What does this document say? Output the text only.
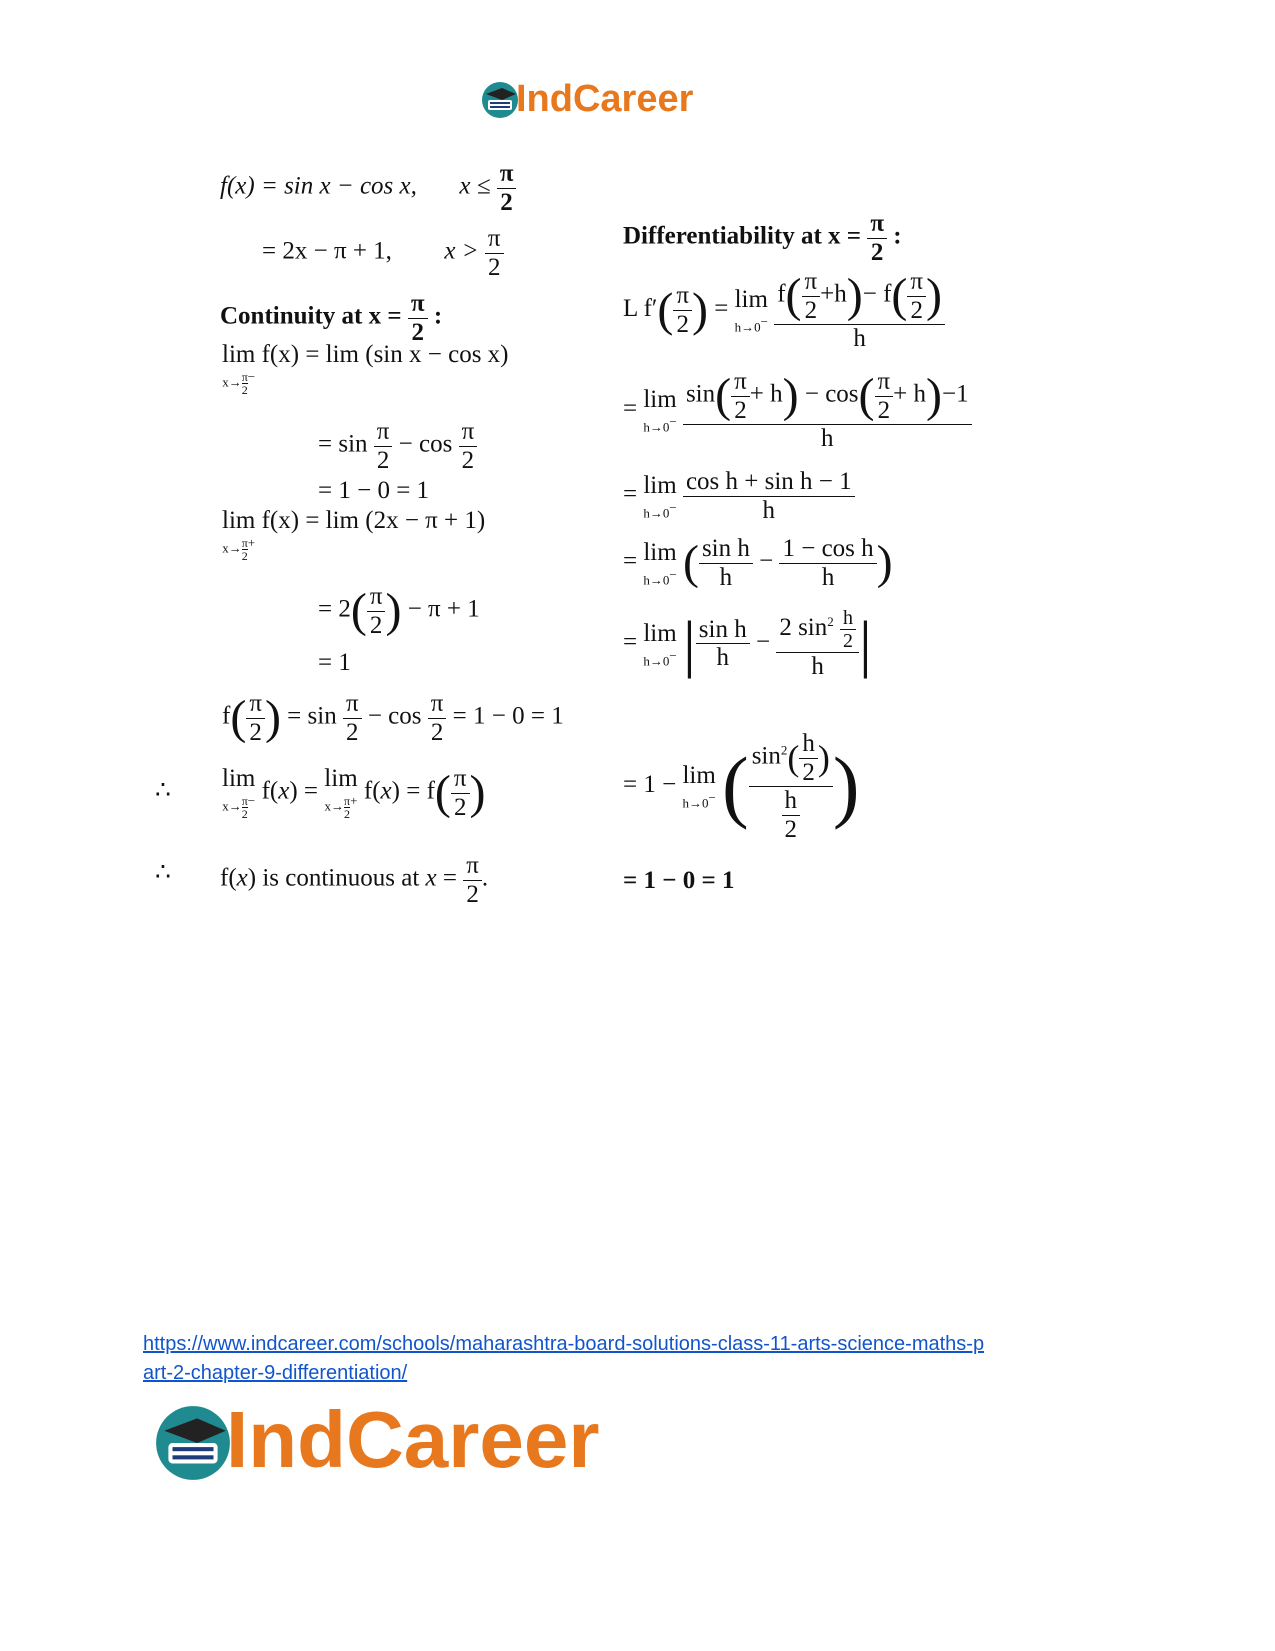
IndCareer
f(x) = sin x − cos x, $x \le \frac{\pi}{2}$
= 2x − π + 1, $x > \frac{\pi}{2}$
Continuity at $x = \frac{\pi}{2}$ :
lim
$x\to \frac{\pi}{2}$ −
f(x) = lim (sin x − cos x)
= $\sin \frac{\pi}{2} - \cos \frac{\pi}{2}$
= 1 − 0 = 1
lim
$x\to \frac{\pi}{2}$ +
f(x) = lim (2x − π + 1)
= $2( \frac{\pi}{2}$ ) − π + 1
= 1
$f( \frac{\pi}{2}$ ) = $\sin \frac{\pi}{2} - \cos \frac{\pi}{2} = 1 - 0 = 1$
∴ lim
$x\to \frac{\pi}{2} - f(x) = \lim$
$x\to \frac{\pi}{2} + f(x) = f( \frac{\pi}{2}$ )
∴ f(x) is continuous at $x = \frac{\pi}{2}$ .
Differentiability at $x = \frac{\pi}{2}$ :
L $f'( \frac{\pi}{2}$ ) = lim
h→0−
$\frac{f( \frac{\pi}{2} +h)- f( \frac{\pi}{2} )}{h}$
= lim
h→0−
$\frac{\sin( \frac{\pi}{2} + h) - \cos( \frac{\pi}{2} + h)-1}{h}$
= lim
h→0−
$\frac{\text{cos h + sin h − 1}}{h}$
= lim
h→0− ( $\frac{\text{sin h}}{h} - \frac{\text{1 − cos h}}{h}$ )
= lim
h→0− | $\frac{\text{sin h}}{h} - \frac{2 \sin^2 \frac{h}{2}}{h}$ |
= 1 − lim
h→0− ( $\frac{\sin^2( \frac{h}{2} )}{\frac{h}{2}}$ )
= 1 − 0 = 1
https://www.indcareer.com/schools/maharashtra-board-solutions-class-11-arts-science-maths-p
art-2-chapter-9-differentiation/
IndCareer
